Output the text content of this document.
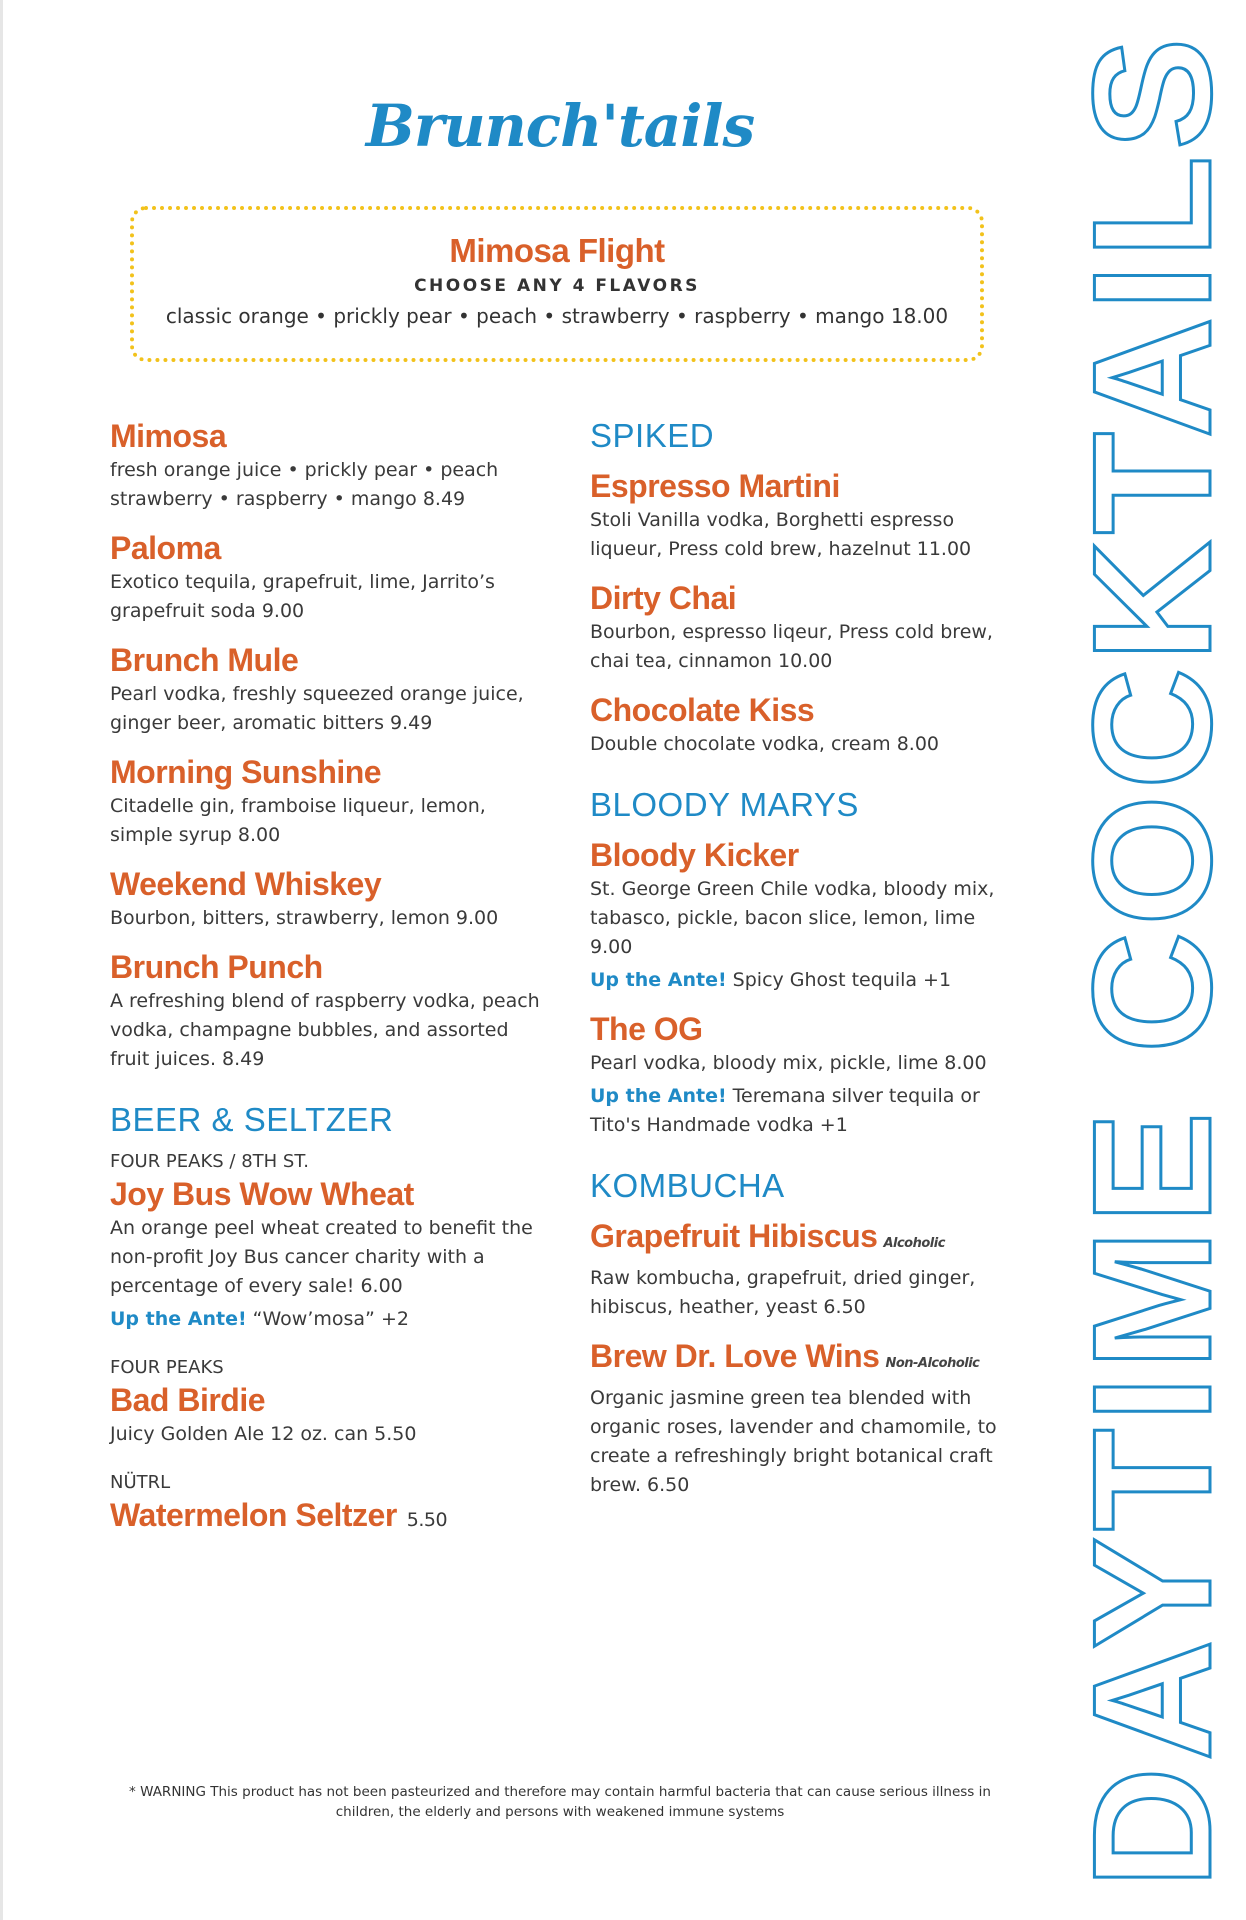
Brunch'tails
Mimosa Flight
CHOOSE ANY 4 FLAVORS
classic orange • prickly pear • peach • strawberry • raspberry • mango 18.00
Mimosa
fresh orange juice • prickly pear • peach strawberry • raspberry • mango 8.49
Paloma
Exotico tequila, grapefruit, lime, Jarrito’s grapefruit soda 9.00
Brunch Mule
Pearl vodka, freshly squeezed orange juice, ginger beer, aromatic bitters 9.49
Morning Sunshine
Citadelle gin, framboise liqueur, lemon, simple syrup 8.00
Weekend Whiskey
Bourbon, bitters, strawberry, lemon 9.00
Brunch Punch
A refreshing blend of raspberry vodka, peach vodka, champagne bubbles, and assorted fruit juices. 8.49
BEER & SELTZER
FOUR PEAKS / 8TH ST.
Joy Bus Wow Wheat
An orange peel wheat created to benefit the non-profit Joy Bus cancer charity with a percentage of every sale! 6.00
Up the Ante! “Wow’mosa” +2
FOUR PEAKS
Bad Birdie
Juicy Golden Ale 12 oz. can 5.50
NÜTRL
Watermelon Seltzer 5.50
SPIKED
Espresso Martini
Stoli Vanilla vodka, Borghetti espresso liqueur, Press cold brew, hazelnut 11.00
Dirty Chai
Bourbon, espresso liqeur, Press cold brew, chai tea, cinnamon 10.00
Chocolate Kiss
Double chocolate vodka, cream 8.00
BLOODY MARYS
Bloody Kicker
St. George Green Chile vodka, bloody mix, tabasco, pickle, bacon slice, lemon, lime 9.00
Up the Ante! Spicy Ghost tequila +1
The OG
Pearl vodka, bloody mix, pickle, lime 8.00
Up the Ante! Teremana silver tequila or Tito's Handmade vodka +1
KOMBUCHA
Grapefruit Hibiscus Alcoholic
Raw kombucha, grapefruit, dried ginger, hibiscus, heather, yeast 6.50
Brew Dr. Love Wins Non-Alcoholic
Organic jasmine green tea blended with organic roses, lavender and chamomile, to create a refreshingly bright botanical craft brew. 6.50
* WARNING This product has not been pasteurized and therefore may contain harmful bacteria that can cause serious illness in children, the elderly and persons with weakened immune systems	DAYTIME COCKTAILS
